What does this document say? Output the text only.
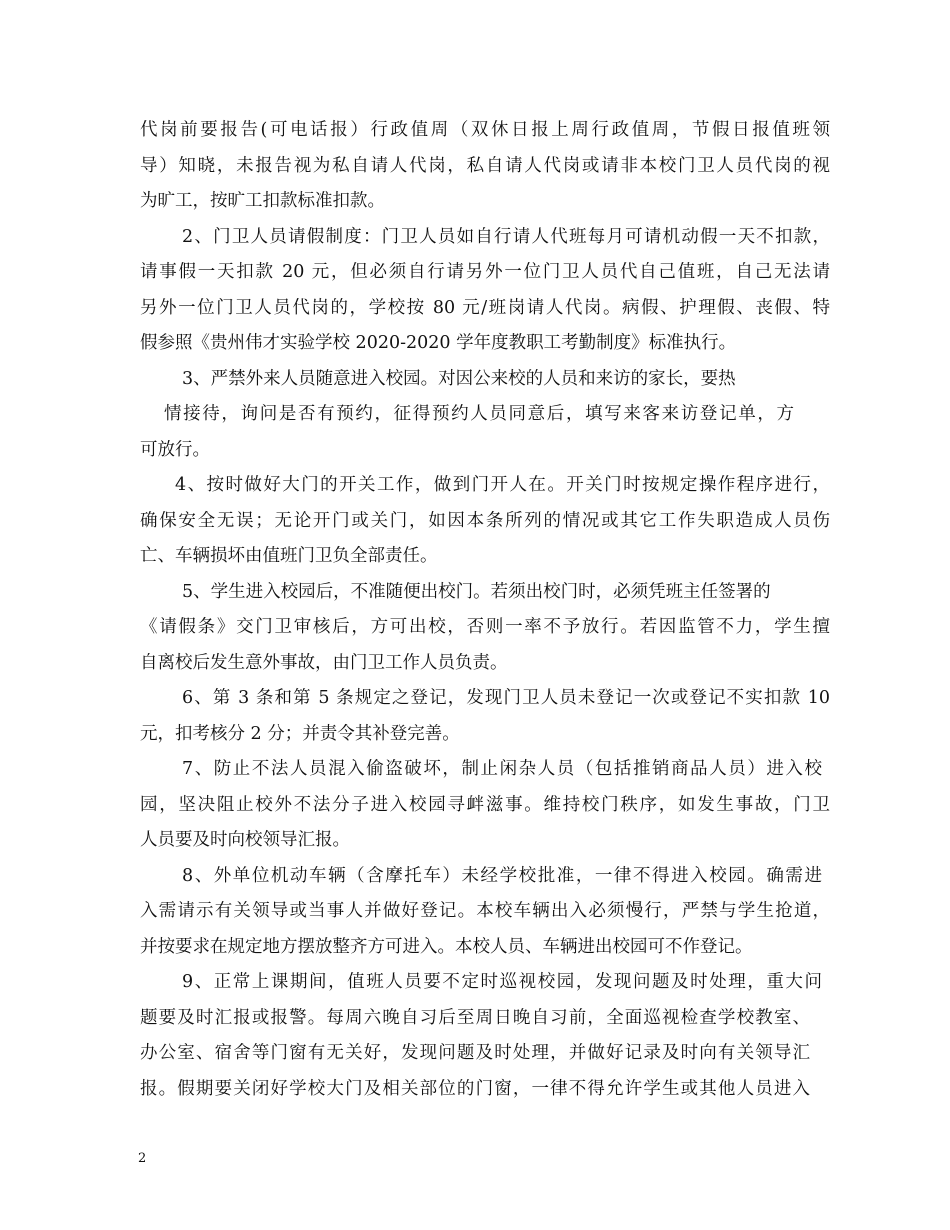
代岗前要报告(可电话报）行政值周（双休日报上周行政值周，节假日报值班领
导）知晓，未报告视为私自请人代岗，私自请人代岗或请非本校门卫人员代岗的视
为旷工，按旷工扣款标准扣款。
2、门卫人员请假制度：门卫人员如自行请人代班每月可请机动假一天不扣款，
请事假一天扣款 20 元，但必须自行请另外一位门卫人员代自己值班，自己无法请
另外一位门卫人员代岗的，学校按 80 元/班岗请人代岗。病假、护理假、丧假、特
假参照《贵州伟才实验学校 2020-2020 学年度教职工考勤制度》标准执行。
3、严禁外来人员随意进入校园。对因公来校的人员和来访的家长，要热
情接待，询问是否有预约，征得预约人员同意后，填写来客来访登记单，方
可放行。
4、按时做好大门的开关工作，做到门开人在。开关门时按规定操作程序进行，
确保安全无误；无论开门或关门，如因本条所列的情况或其它工作失职造成人员伤
亡、车辆损坏由值班门卫负全部责任。
5、学生进入校园后，不准随便出校门。若须出校门时，必须凭班主任签署的
《请假条》交门卫审核后，方可出校，否则一率不予放行。若因监管不力，学生擅
自离校后发生意外事故，由门卫工作人员负责。
6、第 3 条和第 5 条规定之登记，发现门卫人员未登记一次或登记不实扣款 10
元，扣考核分 2 分；并责令其补登完善。
7、防止不法人员混入偷盗破坏，制止闲杂人员（包括推销商品人员）进入校
园，坚决阻止校外不法分子进入校园寻衅滋事。维持校门秩序，如发生事故，门卫
人员要及时向校领导汇报。
8、外单位机动车辆（含摩托车）未经学校批准，一律不得进入校园。确需进
入需请示有关领导或当事人并做好登记。本校车辆出入必须慢行，严禁与学生抢道，
并按要求在规定地方摆放整齐方可进入。本校人员、车辆进出校园可不作登记。
9、正常上课期间，值班人员要不定时巡视校园，发现问题及时处理，重大问
题要及时汇报或报警。每周六晚自习后至周日晚自习前，全面巡视检查学校教室、
办公室、宿舍等门窗有无关好，发现问题及时处理，并做好记录及时向有关领导汇
报。假期要关闭好学校大门及相关部位的门窗，一律不得允许学生或其他人员进入
2
